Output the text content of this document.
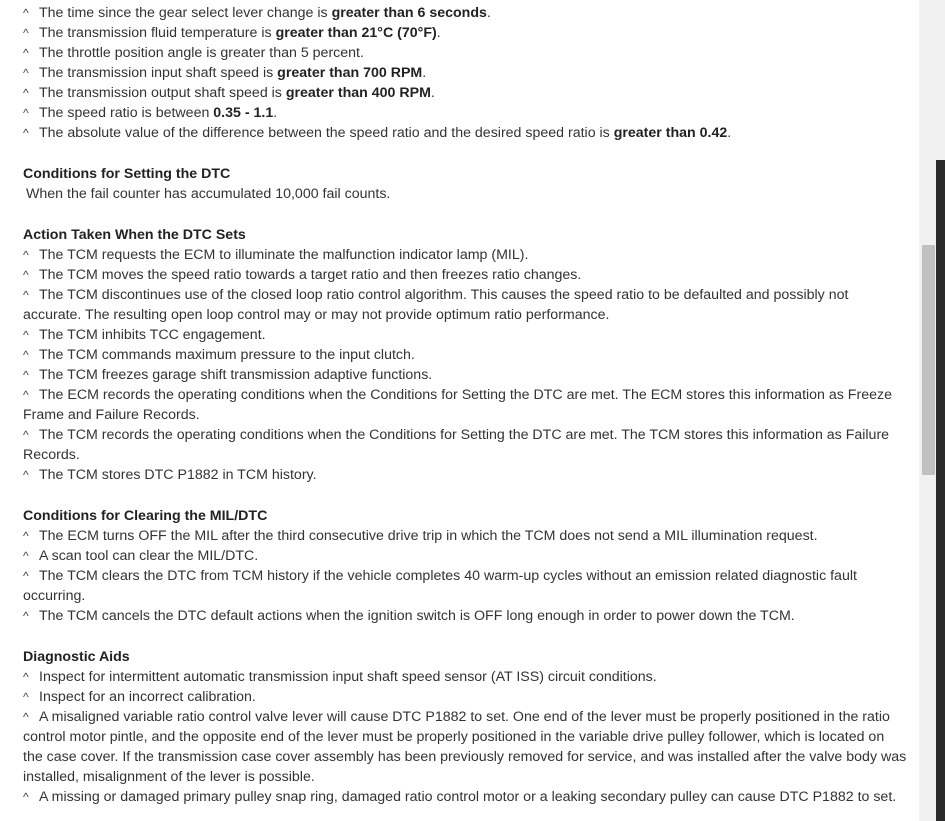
^ The time since the gear select lever change is greater than 6 seconds.
^ The transmission fluid temperature is greater than 21°C (70°F).
^ The throttle position angle is greater than 5 percent.
^ The transmission input shaft speed is greater than 700 RPM.
^ The transmission output shaft speed is greater than 400 RPM.
^ The speed ratio is between 0.35 - 1.1.
^ The absolute value of the difference between the speed ratio and the desired speed ratio is greater than 0.42.
Conditions for Setting the DTC
When the fail counter has accumulated 10,000 fail counts.
Action Taken When the DTC Sets
^ The TCM requests the ECM to illuminate the malfunction indicator lamp (MIL).
^ The TCM moves the speed ratio towards a target ratio and then freezes ratio changes.
^ The TCM discontinues use of the closed loop ratio control algorithm. This causes the speed ratio to be defaulted and possibly not accurate. The resulting open loop control may or may not provide optimum ratio performance.
^ The TCM inhibits TCC engagement.
^ The TCM commands maximum pressure to the input clutch.
^ The TCM freezes garage shift transmission adaptive functions.
^ The ECM records the operating conditions when the Conditions for Setting the DTC are met. The ECM stores this information as Freeze Frame and Failure Records.
^ The TCM records the operating conditions when the Conditions for Setting the DTC are met. The TCM stores this information as Failure Records.
^ The TCM stores DTC P1882 in TCM history.
Conditions for Clearing the MIL/DTC
^ The ECM turns OFF the MIL after the third consecutive drive trip in which the TCM does not send a MIL illumination request.
^ A scan tool can clear the MIL/DTC.
^ The TCM clears the DTC from TCM history if the vehicle completes 40 warm-up cycles without an emission related diagnostic fault occurring.
^ The TCM cancels the DTC default actions when the ignition switch is OFF long enough in order to power down the TCM.
Diagnostic Aids
^ Inspect for intermittent automatic transmission input shaft speed sensor (AT ISS) circuit conditions.
^ Inspect for an incorrect calibration.
^ A misaligned variable ratio control valve lever will cause DTC P1882 to set. One end of the lever must be properly positioned in the ratio control motor pintle, and the opposite end of the lever must be properly positioned in the variable drive pulley follower, which is located on the case cover. If the transmission case cover assembly has been previously removed for service, and was installed after the valve body was installed, misalignment of the lever is possible.
^ A missing or damaged primary pulley snap ring, damaged ratio control motor or a leaking secondary pulley can cause DTC P1882 to set.
